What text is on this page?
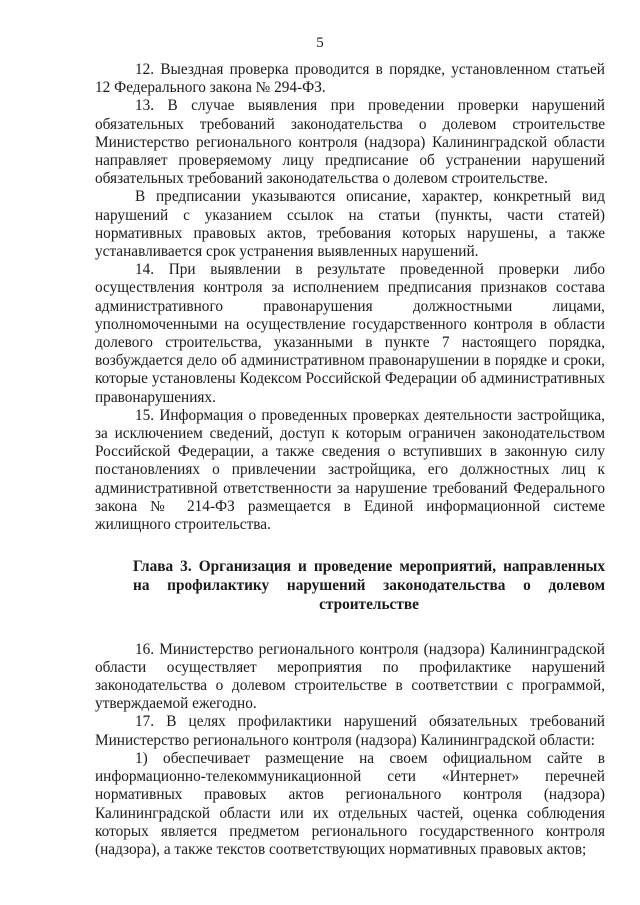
5

12. Выездная проверка проводится в порядке, установленном статьей 12 Федерального закона № 294-ФЗ.

13. В случае выявления при проведении проверки нарушений обязательных требований законодательства о долевом строительстве Министерство регионального контроля (надзора) Калининградской области направляет проверяемому лицу предписание об устранении нарушений обязательных требований законодательства о долевом строительстве.

В предписании указываются описание, характер, конкретный вид нарушений с указанием ссылок на статьи (пункты, части статей) нормативных правовых актов, требования которых нарушены, а также устанавливается срок устранения выявленных нарушений.

14. При выявлении в результате проведенной проверки либо осуществления контроля за исполнением предписания признаков состава административного правонарушения должностными лицами, уполномоченными на осуществление государственного контроля в области долевого строительства, указанными в пункте 7 настоящего порядка, возбуждается дело об административном правонарушении в порядке и сроки, которые установлены Кодексом Российской Федерации об административных правонарушениях.

15. Информация о проведенных проверках деятельности застройщика, за исключением сведений, доступ к которым ограничен законодательством Российской Федерации, а также сведения о вступивших в законную силу постановлениях о привлечении застройщика, его должностных лиц к административной ответственности за нарушение требований Федерального закона № 214-ФЗ размещается в Единой информационной системе жилищного строительства.

Глава 3. Организация и проведение мероприятий, направленных на профилактику нарушений законодательства о долевом строительстве

16. Министерство регионального контроля (надзора) Калининградской области осуществляет мероприятия по профилактике нарушений законодательства о долевом строительстве в соответствии с программой, утверждаемой ежегодно.

17. В целях профилактики нарушений обязательных требований Министерство регионального контроля (надзора) Калининградской области:

1) обеспечивает размещение на своем официальном сайте в информационно-телекоммуникационной сети «Интернет» перечней нормативных правовых актов регионального контроля (надзора) Калининградской области или их отдельных частей, оценка соблюдения которых является предметом регионального государственного контроля (надзора), а также текстов соответствующих нормативных правовых актов;
